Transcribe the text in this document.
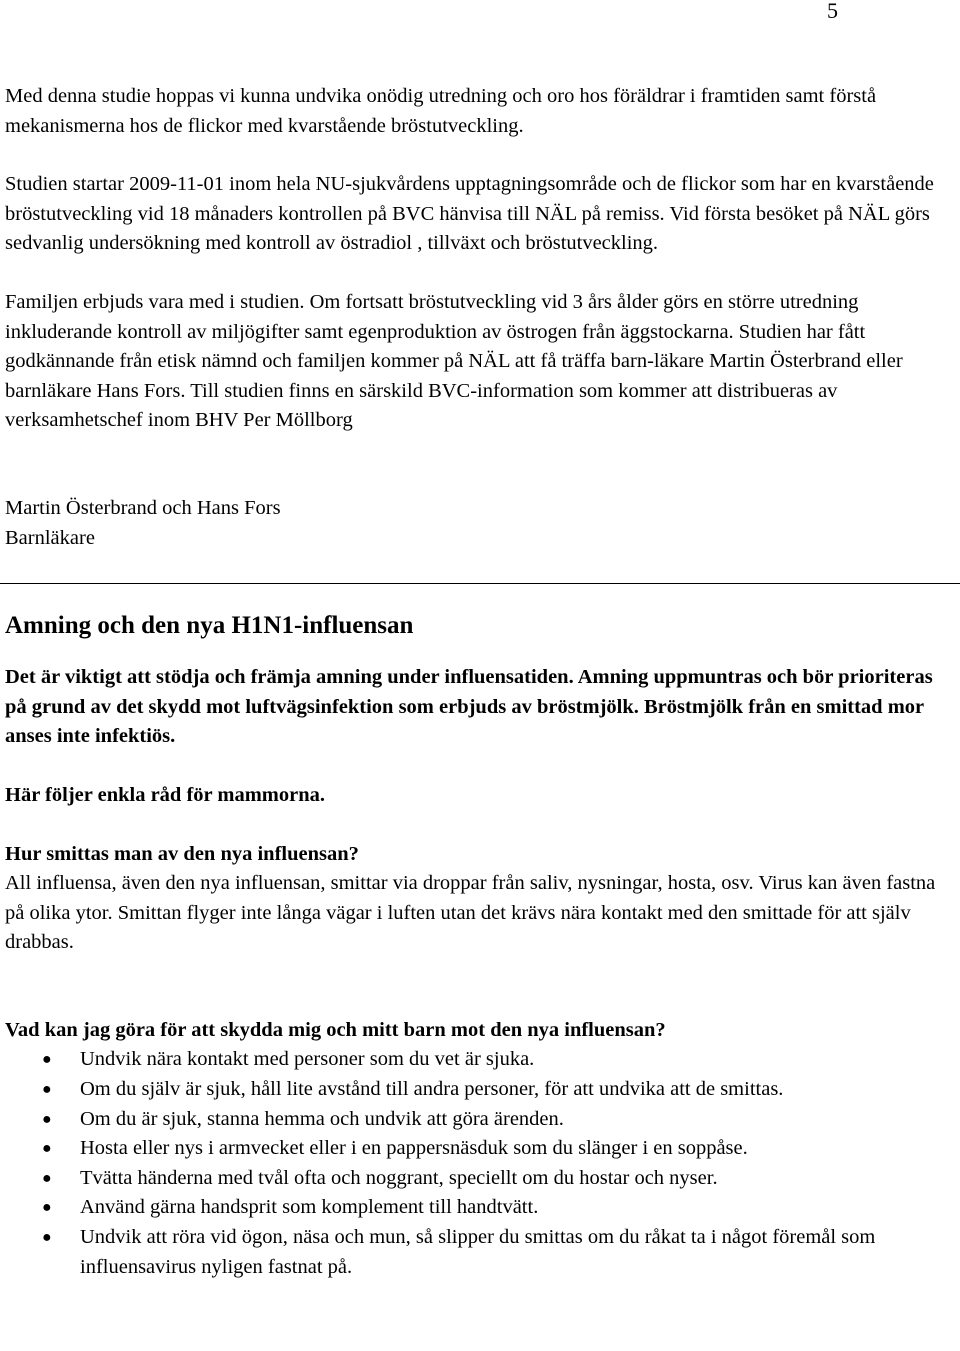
5

Med denna studie hoppas vi kunna undvika onödig utredning och oro hos föräldrar i framtiden samt förstå mekanismerna hos de flickor med kvarstående bröstutveckling.

Studien startar 2009-11-01 inom hela NU-sjukvårdens upptagningsområde och de flickor som har en kvarstående bröstutveckling vid 18 månaders kontrollen på BVC hänvisa till NÄL på remiss. Vid första besöket på NÄL görs sedvanlig undersökning med kontroll av östradiol , tillväxt och bröstutveckling.

Familjen erbjuds vara med i studien. Om fortsatt bröstutveckling vid 3 års ålder görs en större utredning inkluderande kontroll av miljögifter samt egenproduktion av östrogen från äggstockarna. Studien har fått godkännande från etisk nämnd och familjen kommer på NÄL att få träffa barn-läkare Martin Österbrand eller barnläkare Hans Fors. Till studien finns en särskild BVC-information som kommer att distribueras av verksamhetschef inom BHV Per Möllborg

Martin Österbrand och Hans Fors

Barnläkare

Amning och den nya H1N1-influensan

Det är viktigt att stödja och främja amning under influensatiden. Amning uppmuntras och bör prioriteras på grund av det skydd mot luftvägsinfektion som erbjuds av bröstmjölk. Bröstmjölk från en smittad mor anses inte infektiös.

Här följer enkla råd för mammorna.

Hur smittas man av den nya influensan?

All influensa, även den nya influensan, smittar via droppar från saliv, nysningar, hosta, osv. Virus kan även fastna på olika ytor. Smittan flyger inte långa vägar i luften utan det krävs nära kontakt med den smittade för att själv drabbas.

Vad kan jag göra för att skydda mig och mitt barn mot den nya influensan?

● Undvik nära kontakt med personer som du vet är sjuka.
● Om du själv är sjuk, håll lite avstånd till andra personer, för att undvika att de smittas.
● Om du är sjuk, stanna hemma och undvik att göra ärenden.
● Hosta eller nys i armvecket eller i en pappersnäsduk som du slänger i en soppåse.
● Tvätta händerna med tvål ofta och noggrant, speciellt om du hostar och nyser.
● Använd gärna handsprit som komplement till handtvätt.
● Undvik att röra vid ögon, näsa och mun, så slipper du smittas om du råkat ta i något föremål som influensavirus nyligen fastnat på.
